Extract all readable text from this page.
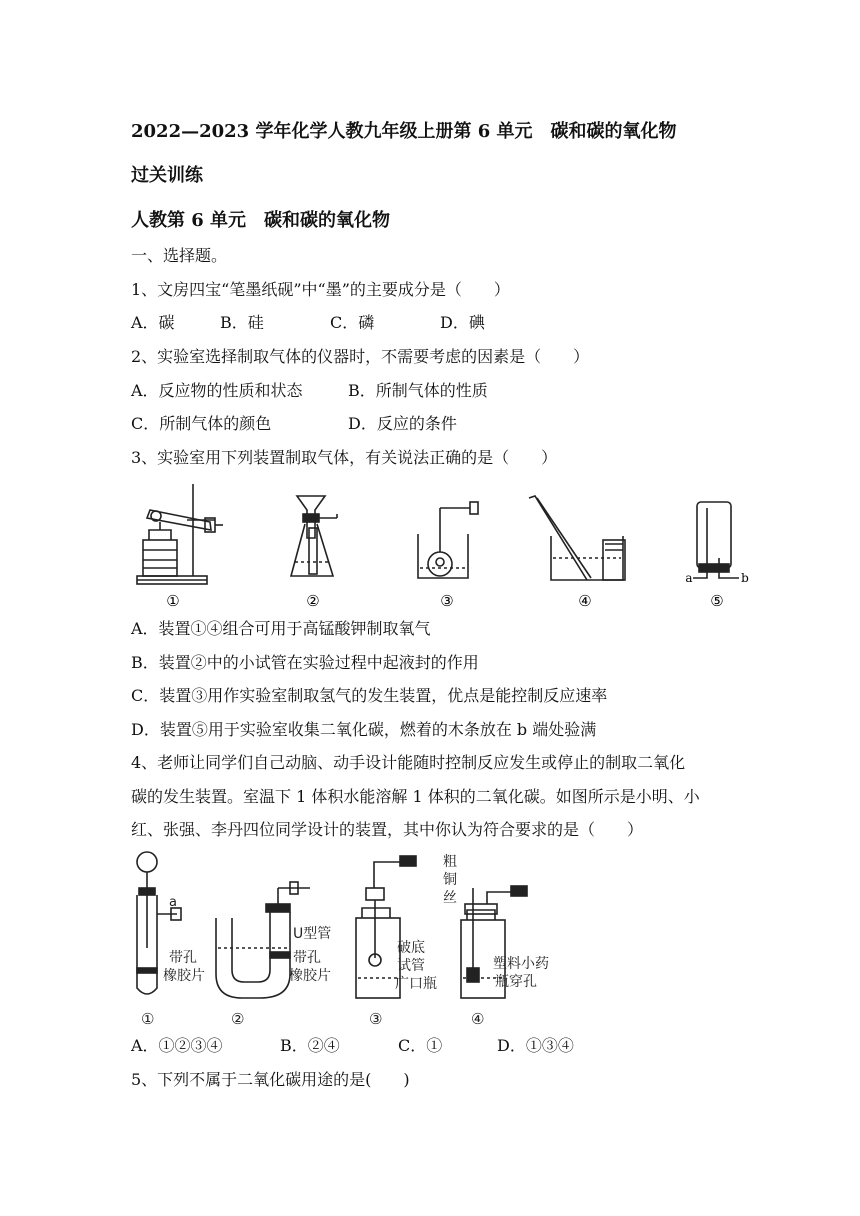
2022—2023 学年化学人教九年级上册第 6 单元　碳和碳的氧化物
过关训练
人教第 6 单元　碳和碳的氧化物
一、选择题。
1、文房四宝“笔墨纸砚”中“墨”的主要成分是（　　）
A．碳	B．硅	C．磷	D．碘
2、实验室选择制取气体的仪器时，不需要考虑的因素是（　　）
A．反应物的性质和状态	B．所制气体的性质
C．所制气体的颜色	D．反应的条件
3、实验室用下列装置制取气体，有关说法正确的是（　　）
①	②	③	④	⑤
a	b
A．装置①④组合可用于高锰酸钾制取氧气
B．装置②中的小试管在实验过程中起液封的作用
C．装置③用作实验室制取氢气的发生装置，优点是能控制反应速率
D．装置⑤用于实验室收集二氧化碳，燃着的木条放在 b 端处验满
4、老师让同学们自己动脑、动手设计能随时控制反应发生或停止的制取二氧化
碳的发生装置。室温下 1 体积水能溶解 1 体积的二氧化碳。如图所示是小明、小
红、张强、李丹四位同学设计的装置，其中你认为符合要求的是（　　）
①	②	③	④
a
带孔
橡胶片
U型管
带孔
橡胶片
破底
试管
广口瓶
粗
铜
丝
塑料小药
瓶穿孔
A．①②③④	B．②④	C．①	D．①③④
5、下列不属于二氧化碳用途的是(　　)
